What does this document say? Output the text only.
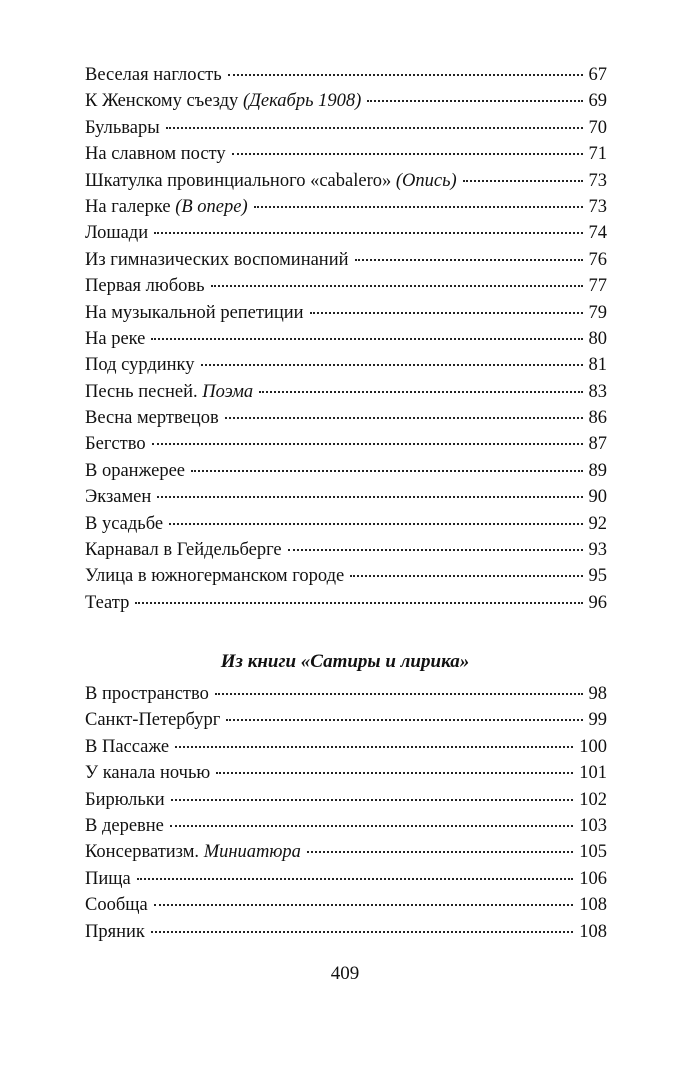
Веселая наглость	67
К Женскому съезду (Декабрь 1908)	69
Бульвары	70
На славном посту	71
Шкатулка провинциального «cabalero» (Опись)	73
На галерке (В опере)	73
Лошади	74
Из гимназических воспоминаний	76
Первая любовь	77
На музыкальной репетиции	79
На реке	80
Под сурдинку	81
Песнь песней. Поэма	83
Весна мертвецов	86
Бегство	87
В оранжерее	89
Экзамен	90
В усадьбе	92
Карнавал в Гейдельберге	93
Улица в южногерманском городе	95
Театр	96
Из книги «Сатиры и лирика»
В пространство	98
Санкт-Петербург	99
В Пассаже	100
У канала ночью	101
Бирюльки	102
В деревне	103
Консерватизм. Миниатюра	105
Пища	106
Сообща	108
Пряник	108
409
